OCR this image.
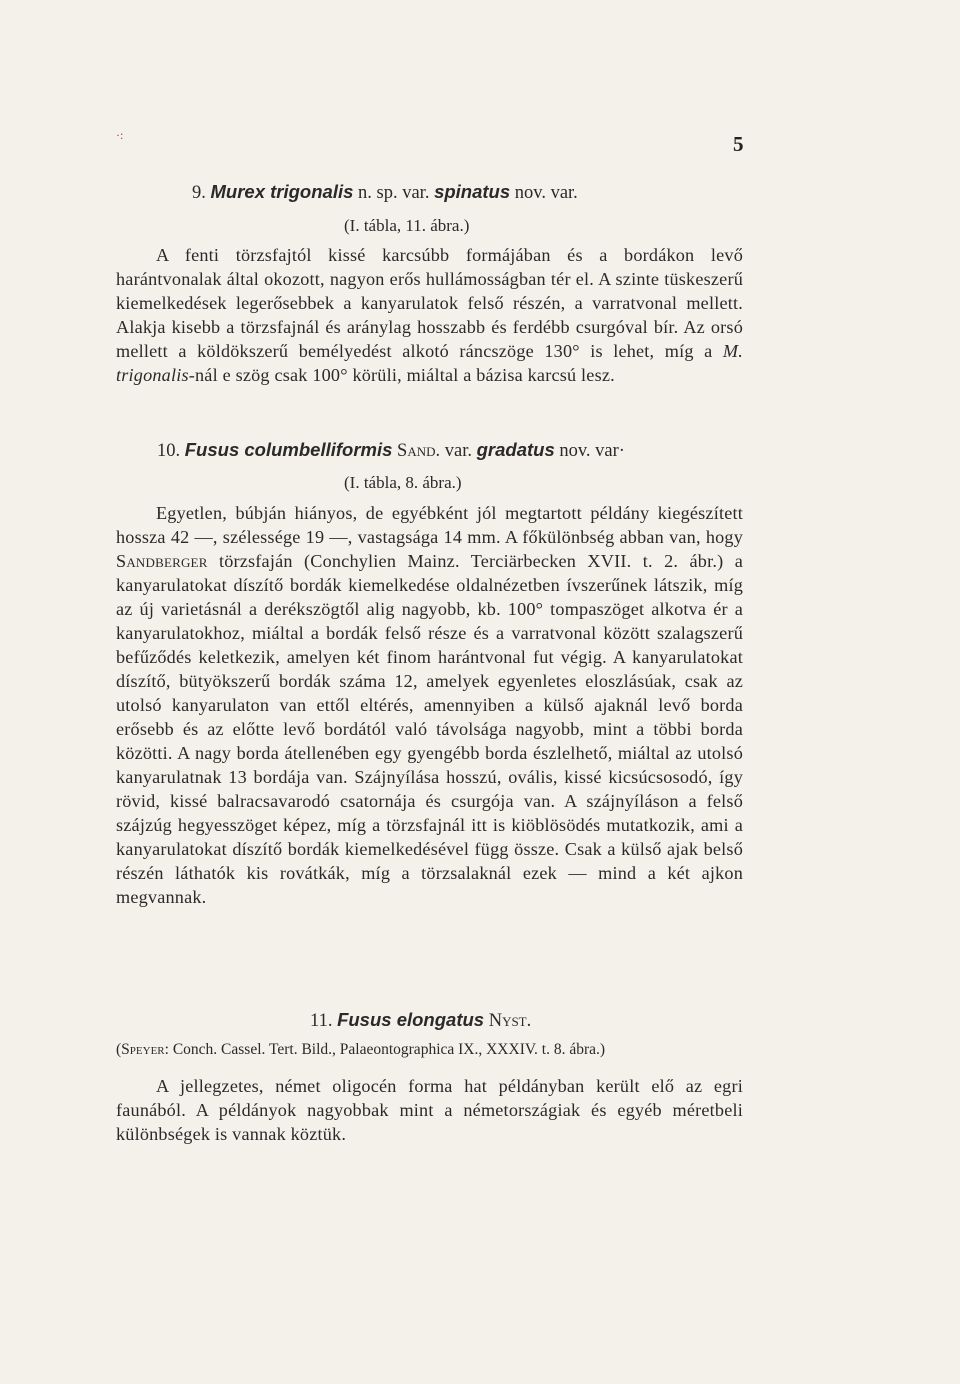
·:	5
9. Murex trigonalis n. sp. var. spinatus nov. var.
(I. tábla, 11. ábra.)

A fenti törzsfajtól kissé karcsúbb formájában és a bordákon levő harántvonalak által okozott, nagyon erős hullámosságban tér el. A szinte tüskeszerű kiemelkedések legerősebbek a kanyarulatok felső részén, a varratvonal mellett. Alakja kisebb a törzsfajnál és aránylag hosszabb és ferdébb csurgóval bír. Az orsó mellett a köldökszerű bemélyedést alkotó ráncszöge 130° is lehet, míg a M. trigonalis-nál e szög csak 100° körüli, miáltal a bázisa karcsú lesz.

10. Fusus columbelliformis Sand. var. gradatus nov. var·
(I. tábla, 8. ábra.)

Egyetlen, búbján hiányos, de egyébként jól megtartott példány kiegészített hossza 42 —, szélessége 19 —, vastagsága 14 mm. A főkülönbség abban van, hogy Sandberger törzsfaján (Conchylien Mainz. Terciärbecken XVII. t. 2. ábr.) a kanyarulatokat díszítő bordák kiemelkedése oldalnézetben ívszerűnek látszik, míg az új varietásnál a derékszögtől alig nagyobb, kb. 100° tompaszöget alkotva ér a kanyarulatokhoz, miáltal a bordák felső része és a varratvonal között szalagszerű befűződés keletkezik, amelyen két finom harántvonal fut végig. A kanyarulatokat díszítő, bütyökszerű bordák száma 12, amelyek egyenletes eloszlásúak, csak az utolsó kanyarulaton van ettől eltérés, amennyiben a külső ajaknál levő borda erősebb és az előtte levő bordától való távolsága nagyobb, mint a többi borda közötti. A nagy borda átellenében egy gyengébb borda észlelhető, miáltal az utolsó kanyarulatnak 13 bordája van. Szájnyílása hosszú, ovális, kissé kicsúcsosodó, így rövid, kissé balracsavarodó csatornája és csurgója van. A szájnyíláson a felső szájzúg hegyesszöget képez, míg a törzsfajnál itt is kiöblösödés mutatkozik, ami a kanyarulatokat díszítő bordák kiemelkedésével függ össze. Csak a külső ajak belső részén láthatók kis rovátkák, míg a törzsalaknál ezek — mind a két ajkon megvannak.

11. Fusus elongatus Nyst.
(Speyer: Conch. Cassel. Tert. Bild., Palaeontographica IX., XXXIV. t. 8. ábra.)

A jellegzetes, német oligocén forma hat példányban került elő az egri faunából. A példányok nagyobbak mint a németországiak és egyéb méretbeli különbségek is vannak köztük.
